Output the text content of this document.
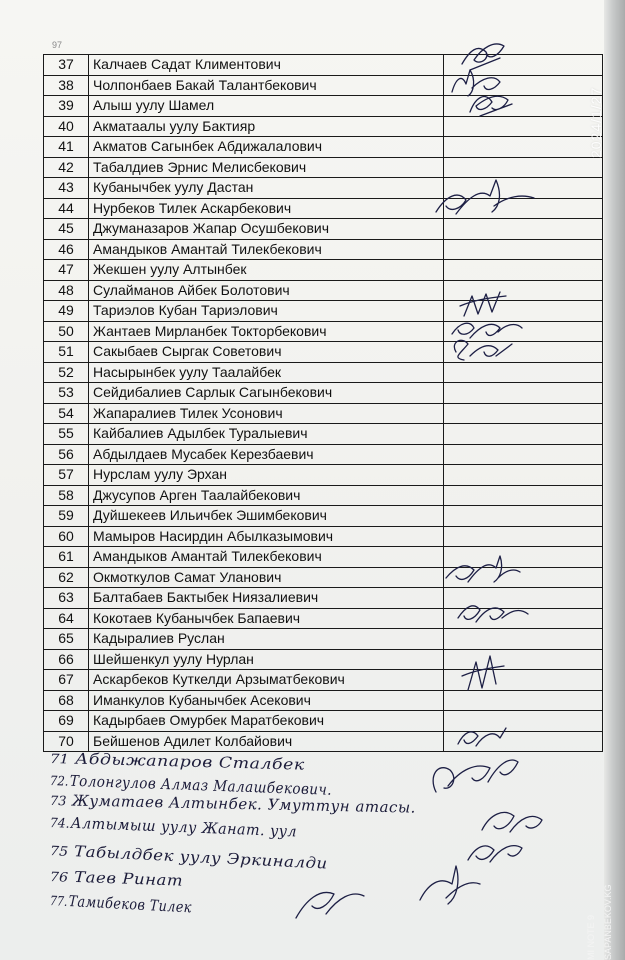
97
37	Калчаев Садат Климентович	
38	Чолпонбаев Бакай Талантбекович	
39	Алыш уулу Шамел	
40	Акматаалы уулу Бактияр	
41	Акматов Сагынбек Абдижалалович	
42	Табалдиев Эрнис Мелисбекович	
43	Кубанычбек уулу Дастан	
44	Нурбеков Тилек Аскарбекович	
45	Джуманазаров Жапар Осушбекович	
46	Амандыков Амантай Тилекбекович	
47	Жекшен уулу Алтынбек	
48	Сулайманов Айбек Болотович	
49	Тариэлов Кубан Тариэлович	
50	Жантаев Мирланбек Токторбекович	
51	Сакыбаев Сыргак Советович	
52	Насырынбек уулу Таалайбек	
53	Сейдибалиев Сарлык Сагынбекович	
54	Жапаралиев Тилек Усонович	
55	Кайбалиев Адылбек Туралыевич	
56	Абдылдаев Мусабек Керезбаевич	
57	Нурслам уулу Эрхан	
58	Джусупов Арген Таалайбекович	
59	Дуйшекеев Ильичбек Эшимбекович	
60	Мамыров Насирдин Абылказымович	
61	Амандыков Амантай Тилекбекович	
62	Окмоткулов Самат Уланович	
63	Балтабаев Бактыбек Ниязалиевич	
64	Кокотаев Кубанычбек Бапаевич	
65	Кадыралиев Руслан	
66	Шейшенкул уулу Нурлан	
67	Аскарбеков Куткелди Арзыматбекович	
68	Иманкулов Кубанычбек Асекович	
69	Кадырбаев Омурбек Маратбекович	
70	Бейшенов Адилет Колбайович	
71 Абдыжапаров Сталбек
72.Толонгулов Алмаз Малашбекович.
73 Жуматаев Алтынбек. Умуттун атасы.
74.Алтымыш уулу Жанат. уул
75 Табылдбек уулу Эркиналди
76 Таев Ринат
77.Тамибеков Тилек
2024/1/27
MI NOTE 9 SAPANBEKOV.KG
